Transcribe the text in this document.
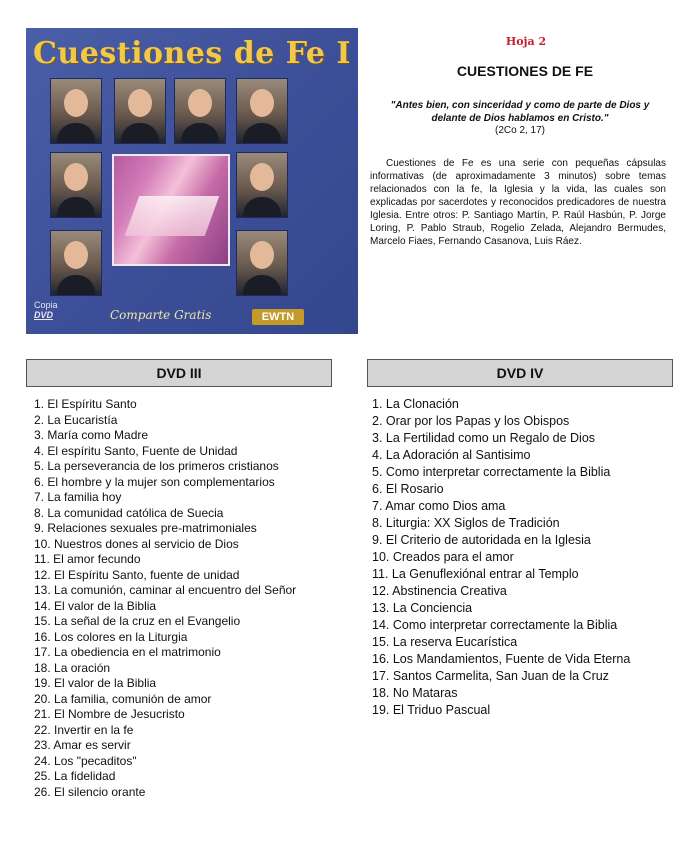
Cuestiones de Fe I
Copia
DVD	Comparte Gratis	EWTN
Hoja 2
CUESTIONES DE FE
"Antes bien, con sinceridad y como de parte de Dios y delante de Dios hablamos en Cristo."
(2Co 2, 17)
Cuestiones de Fe es una serie con pequeñas cápsulas informativas (de aproximadamente 3 minutos) sobre temas relacionados con la fe, la Iglesia y la vida, las cuales son explicadas por sacerdotes y reconocidos predicadores de nuestra Iglesia. Entre otros: P. Santiago Martín, P. Raúl Hasbún, P. Jorge Loring, P. Pablo Straub, Rogelio Zelada, Alejandro Bermudes, Marcelo Fiaes, Fernando Casanova, Luis Ráez.
DVD III
1. El Espíritu Santo
2. La Eucaristía
3. María como Madre
4. El espíritu Santo, Fuente de Unidad
5. La perseverancia de los primeros cristianos
6. El hombre y la mujer son complementarios
7. La familia hoy
8. La comunidad católica de Suecia
9. Relaciones sexuales pre-matrimoniales
10. Nuestros dones al servicio de Dios
11. El amor fecundo
12. El Espíritu Santo, fuente de unidad
13. La comunión, caminar al encuentro del Señor
14. El valor de la Biblia
15. La señal de la cruz en el Evangelio
16. Los colores en la Liturgia
17. La obediencia en el matrimonio
18. La oración
19. El valor de la Biblia
20. La familia, comunión de amor
21. El Nombre de Jesucristo
22. Invertir en la fe
23. Amar es servir
24. Los "pecaditos"
25. La fidelidad
26. El silencio orante
DVD IV
1. La Clonación
2. Orar por los Papas y los Obispos
3. La Fertilidad como un Regalo de Dios
4. La Adoración al Santisimo
5. Como interpretar correctamente la Biblia
6. El Rosario
7. Amar como Dios ama
8. Liturgia: XX Siglos de Tradición
9. El Criterio de autoridada en la Iglesia
10. Creados para el amor
11. La Genuflexiónal entrar al Templo
12. Abstinencia Creativa
13. La Conciencia
14. Como interpretar correctamente la Biblia
15. La reserva Eucarística
16. Los Mandamientos, Fuente de Vida Eterna
17. Santos Carmelita, San Juan de la Cruz
18. No Mataras
19. El Triduo Pascual
